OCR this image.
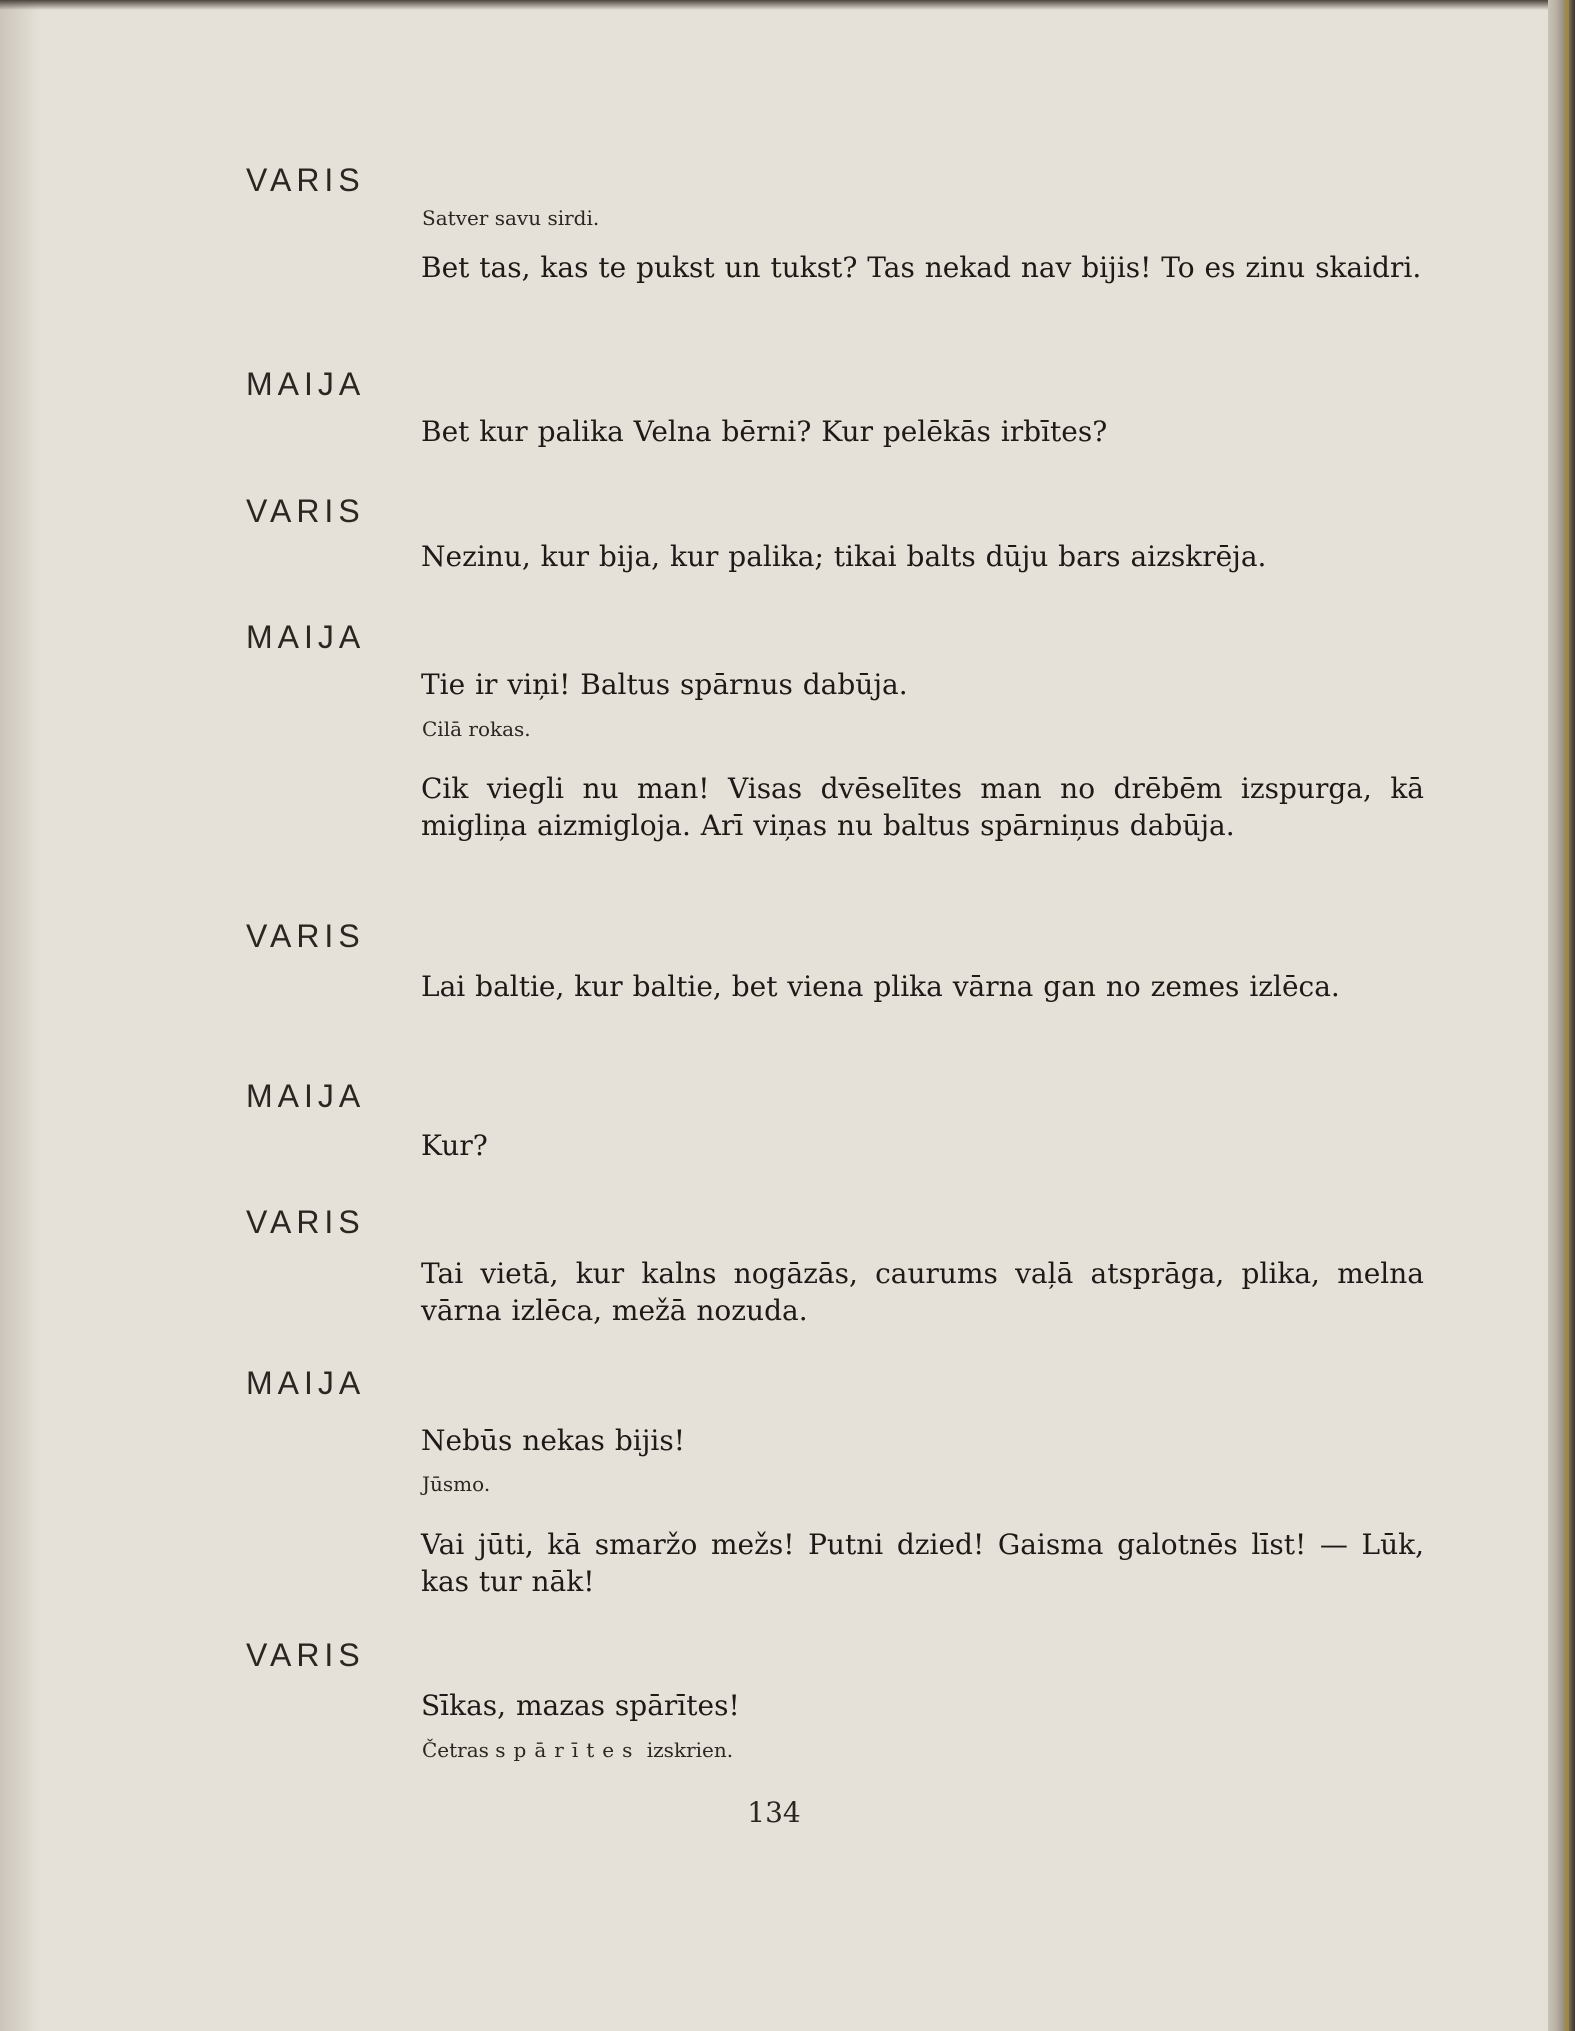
VARIS
Satver savu sirdi.
Bet tas, kas te pukst un tukst? Tas nekad nav bijis! To es zinu skaidri.
MAIJA
Bet kur palika Velna bērni? Kur pelēkās irbītes?
VARIS
Nezinu, kur bija, kur palika; tikai balts dūju bars aizskrēja.
MAIJA
Tie ir viņi! Baltus spārnus dabūja.
Cilā rokas.
Cik viegli nu man! Visas dvēselītes man no drēbēm izspurga, kā migliņa aizmigloja. Arī viņas nu baltus spārniņus dabūja.
VARIS
Lai baltie, kur baltie, bet viena plika vārna gan no zemes izlēca.
MAIJA
Kur?
VARIS
Tai vietā, kur kalns nogāzās, caurums vaļā atsprāga, plika, melna vārna izlēca, mežā nozuda.
MAIJA
Nebūs nekas bijis!
Jūsmo.
Vai jūti, kā smaržo mežs! Putni dzied! Gaisma galotnēs līst! — Lūk, kas tur nāk!
VARIS
Sīkas, mazas spārītes!
Četras spārītes izskrien.
134
